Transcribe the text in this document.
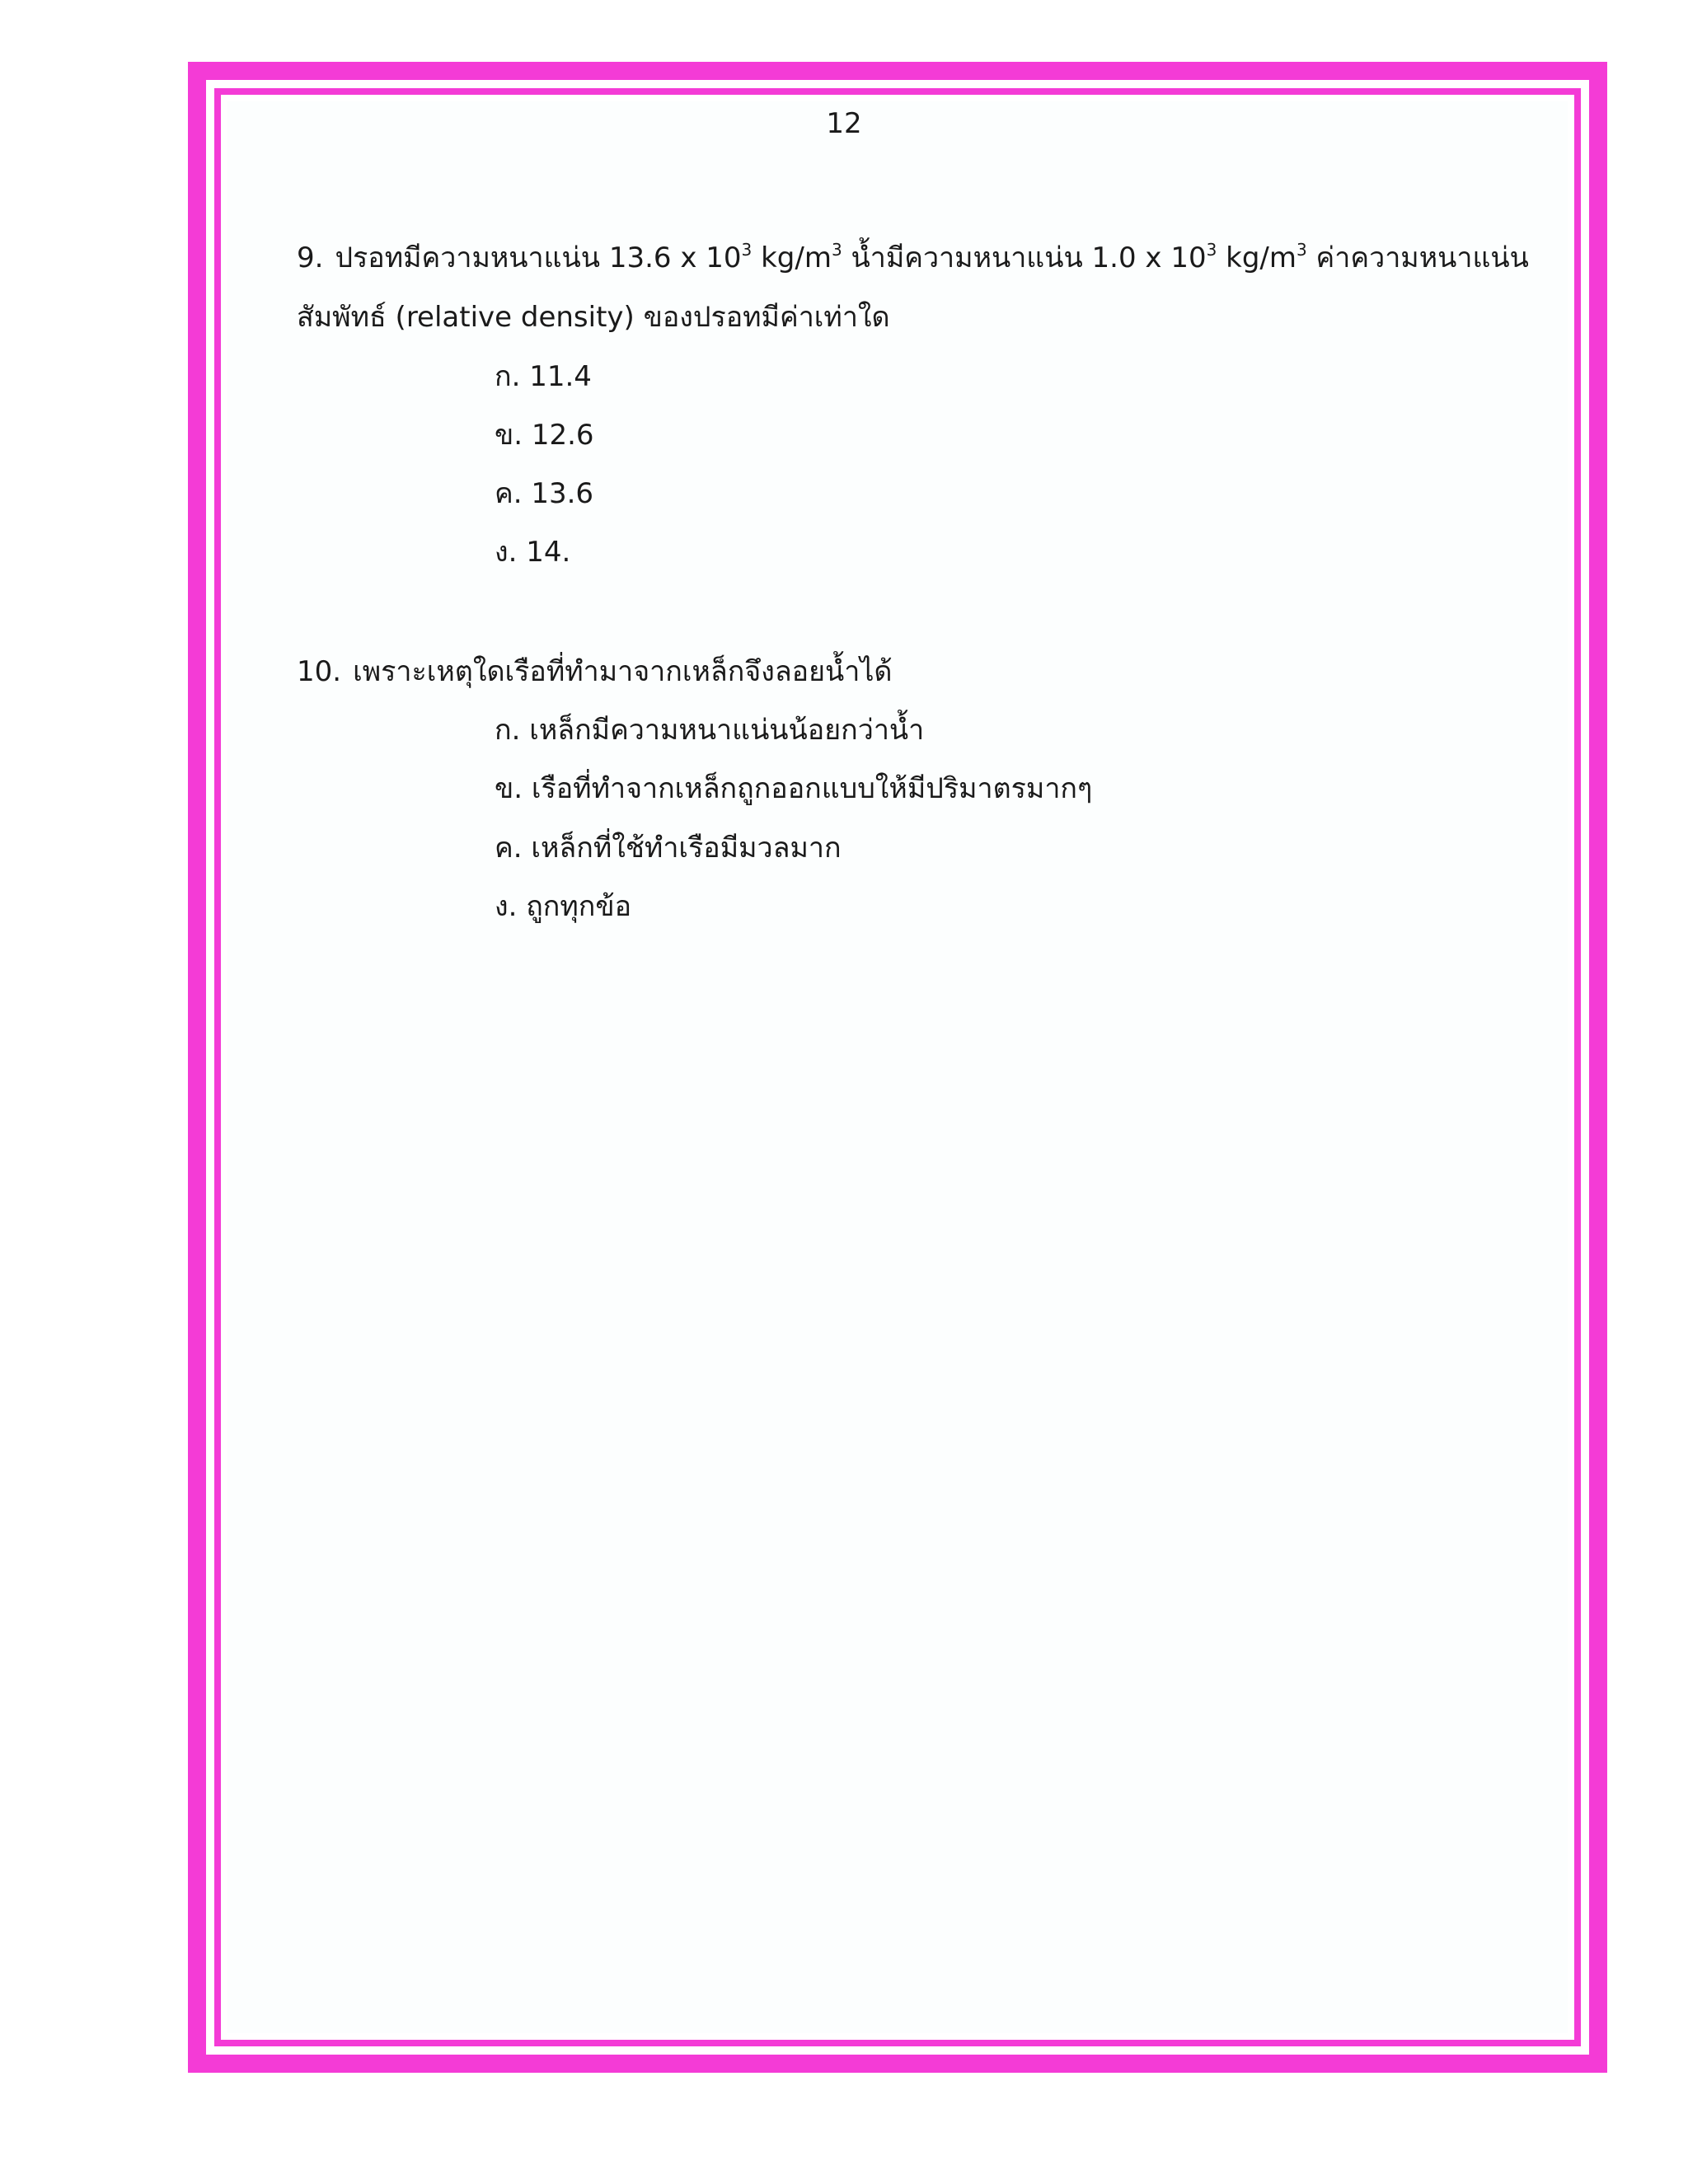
12
9. ปรอทมีความหนาแน่น 13.6 x $10^3$ $kg/m^3$ น้ำมีความหนาแน่น 1.0 x $10^3$ $kg/m^3$ ค่าความหนาแน่น
สัมพัทธ์ (relative density) ของปรอทมีค่าเท่าใด
ก. 11.4
ข. 12.6
ค. 13.6
ง. 14.
10. เพราะเหตุใดเรือที่ทำมาจากเหล็กจึงลอยน้ำได้
ก. เหล็กมีความหนาแน่นน้อยกว่าน้ำ
ข. เรือที่ทำจากเหล็กถูกออกแบบให้มีปริมาตรมากๆ
ค. เหล็กที่ใช้ทำเรือมีมวลมาก
ง. ถูกทุกข้อ
